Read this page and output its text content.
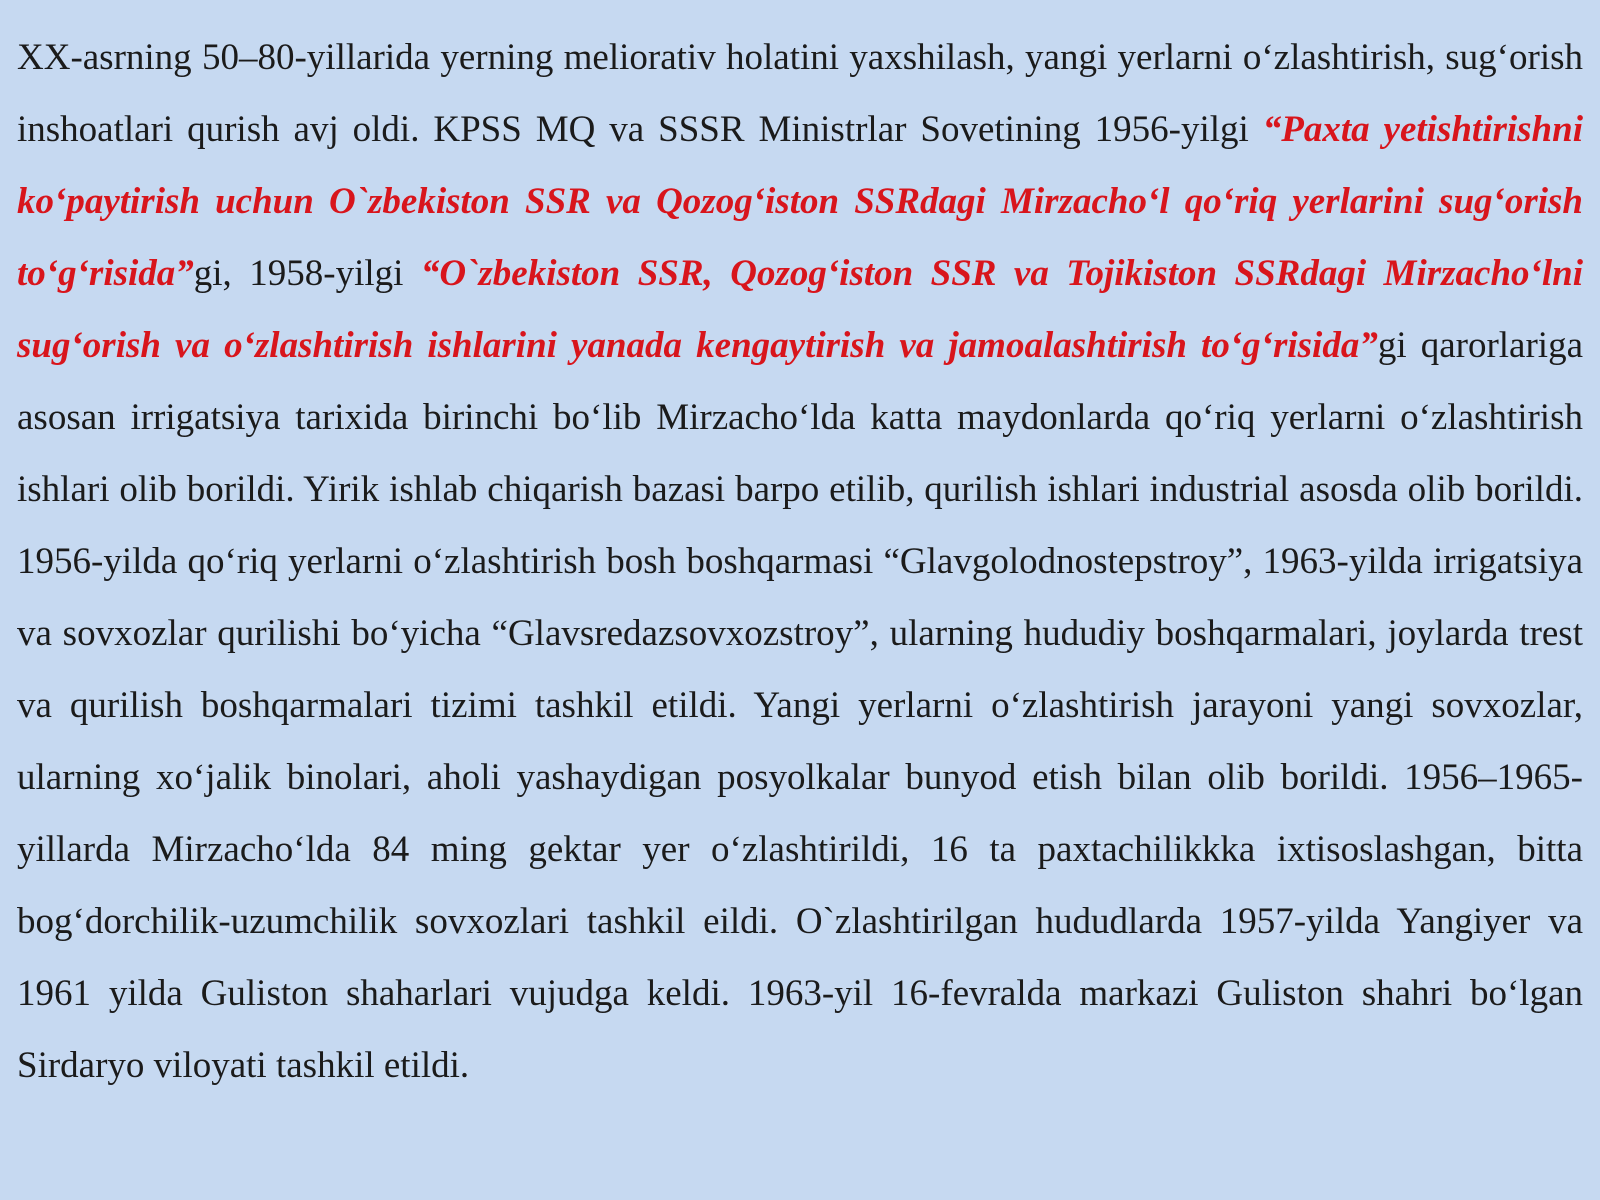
XX-asrning 50–80-yillarida yerning meliorativ holatini yaxshilash, yangi yerlarni o‘zlashtirish, sug‘orish inshoatlari qurish avj oldi. KPSS MQ va SSSR Ministrlar Sovetining 1956-yilgi “Paxta yetishtirishni ko‘paytirish uchun O`zbekiston SSR va Qozog‘iston SSRdagi Mirzacho‘l qo‘riq yerlarini sug‘orish to‘g‘risida”gi, 1958-yilgi “O`zbekiston SSR, Qozog‘iston SSR va Tojikiston SSRdagi Mirzacho‘lni sug‘orish va o‘zlashtirish ishlarini yanada kengaytirish va jamoalashtirish to‘g‘risida”gi qarorlariga asosan irrigatsiya tarixida birinchi bo‘lib Mirzacho‘lda katta maydonlarda qo‘riq yerlarni o‘zlashtirish ishlari olib borildi. Yirik ishlab chiqarish bazasi barpo etilib, qurilish ishlari industrial asosda olib borildi. 1956-yilda qo‘riq yerlarni o‘zlashtirish bosh boshqarmasi “Glavgolodnostepstroy”, 1963-yilda irrigatsiya va sovxozlar qurilishi bo‘yicha “Glavsredazsovxozstroy”, ularning hududiy boshqarmalari, joylarda trest va qurilish boshqarmalari tizimi tashkil etildi. Yangi yerlarni o‘zlashtirish jarayoni yangi sovxozlar, ularning xo‘jalik binolari, aholi yashaydigan posyolkalar bunyod etish bilan olib borildi. 1956–1965-yillarda Mirzacho‘lda 84 ming gektar yer o‘zlashtirildi, 16 ta paxtachilikkka ixtisoslashgan, bitta bog‘dorchilik-uzumchilik sovxozlari tashkil eildi. O`zlashtirilgan hududlarda 1957-yilda Yangiyer va 1961 yilda Guliston shaharlari vujudga keldi. 1963-yil 16-fevralda markazi Guliston shahri bo‘lgan Sirdaryo viloyati tashkil etildi.
